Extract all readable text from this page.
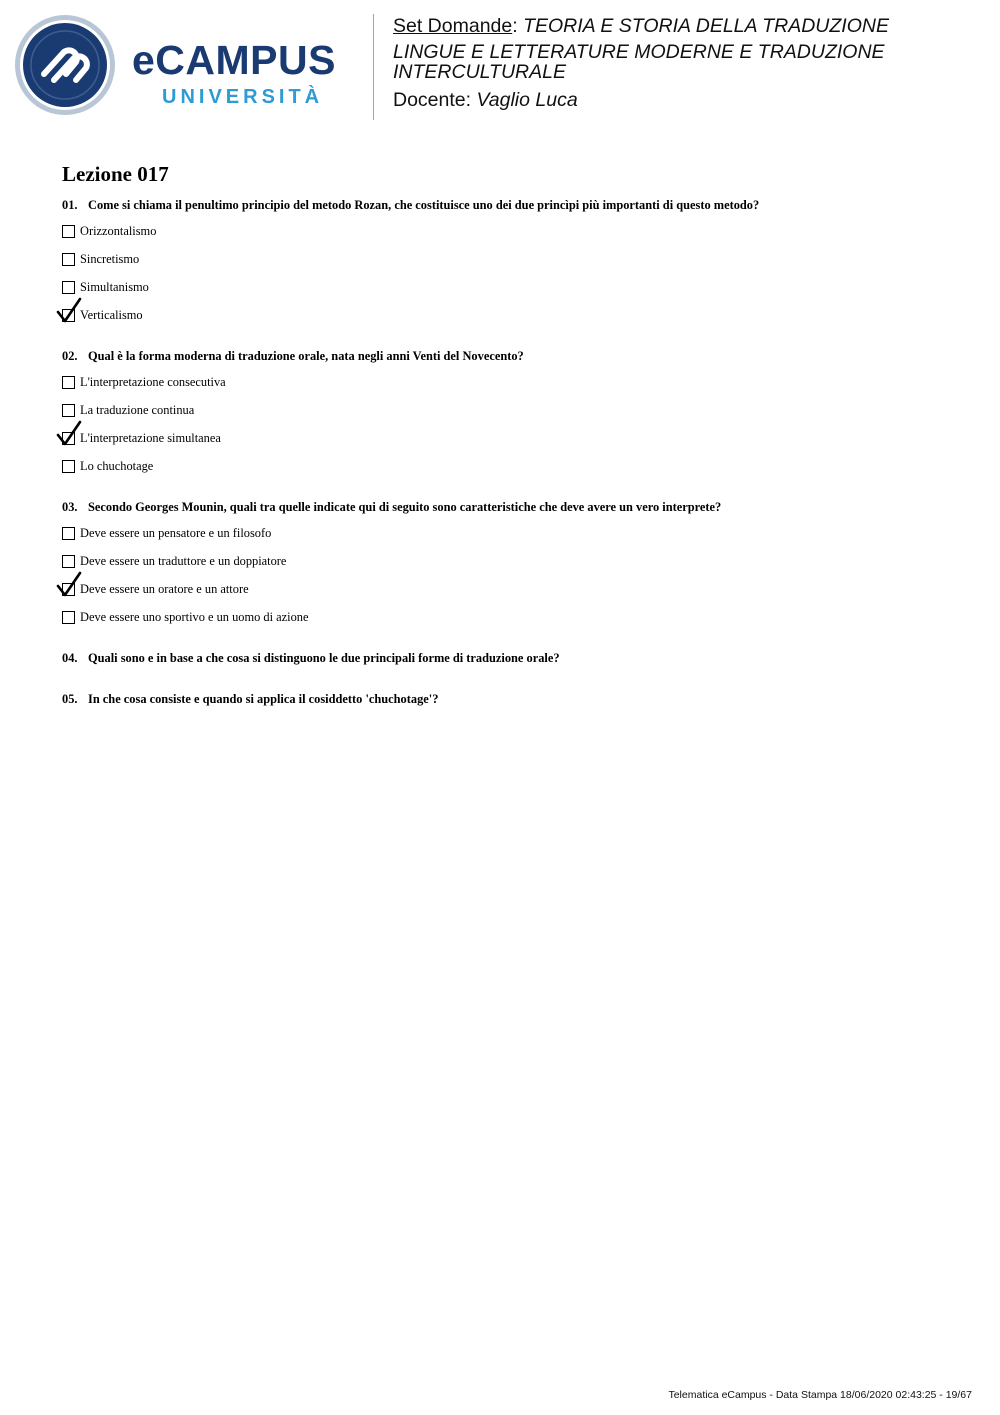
eCAMPUS
UNIVERSITÀ
Set Domande: TEORIA E STORIA DELLA TRADUZIONE
LINGUE E LETTERATURE MODERNE E TRADUZIONE
INTERCULTURALE
Docente: Vaglio Luca
Lezione 017
01. Come si chiama il penultimo principio del metodo Rozan, che costituisce uno dei due princìpi più importanti di questo metodo?
Orizzontalismo
Sincretismo
Simultanismo
Verticalismo
02. Qual è la forma moderna di traduzione orale, nata negli anni Venti del Novecento?
L'interpretazione consecutiva
La traduzione continua
L'interpretazione simultanea
Lo chuchotage
03. Secondo Georges Mounin, quali tra quelle indicate qui di seguito sono caratteristiche che deve avere un vero interprete?
Deve essere un pensatore e un filosofo
Deve essere un traduttore e un doppiatore
Deve essere un oratore e un attore
Deve essere uno sportivo e un uomo di azione
04. Quali sono e in base a che cosa si distinguono le due principali forme di traduzione orale?
05. In che cosa consiste e quando si applica il cosiddetto 'chuchotage'?
Telematica eCampus - Data Stampa 18/06/2020 02:43:25 - 19/67
